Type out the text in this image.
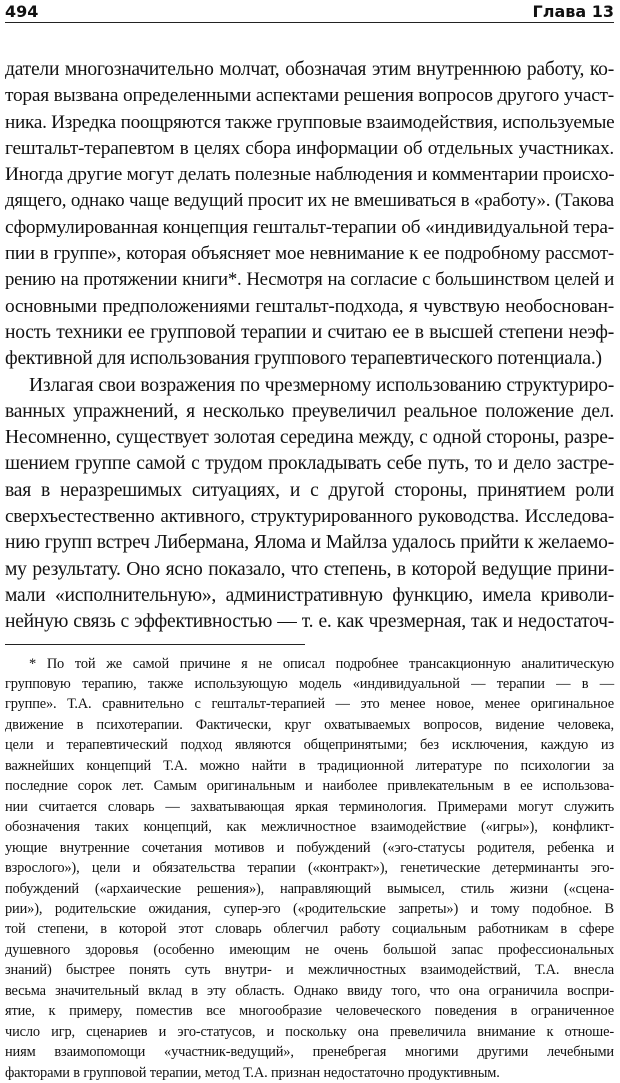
494	Глава 13

датели многозначительно молчат, обозначая этим внутреннюю работу, ко-
торая вызвана определенными аспектами решения вопросов другого участ-
ника. Изредка поощряются также групповые взаимодействия, используемые
гештальт-терапевтом в целях сбора информации об отдельных участниках.
Иногда другие могут делать полезные наблюдения и комментарии происхо-
дящего, однако чаще ведущий просит их не вмешиваться в «работу». (Такова
сформулированная концепция гештальт-терапии об «индивидуальной тера-
пии в группе», которая объясняет мое невнимание к ее подробному рассмот-
рению на протяжении книги*. Несмотря на согласие с большинством целей и
основными предположениями гештальт-подхода, я чувствую необоснован-
ность техники ее групповой терапии и считаю ее в высшей степени неэф-
фективной для использования группового терапевтического потенциала.)

Излагая свои возражения по чрезмерному использованию структуриро-
ванных упражнений, я несколько преувеличил реальное положение дел.
Несомненно, существует золотая середина между, с одной стороны, разре-
шением группе самой с трудом прокладывать себе путь, то и дело застре-
вая в неразрешимых ситуациях, и с другой стороны, принятием роли
сверхъестественно активного, структурированного руководства. Исследова-
нию групп встреч Либермана, Ялома и Майлза удалось прийти к желаемо-
му результату. Оно ясно показало, что степень, в которой ведущие прини-
мали «исполнительную», административную функцию, имела криволи-
нейную связь с эффективностью — т. е. как чрезмерная, так и недостаточ-

* По той же самой причине я не описал подробнее трансакционную аналитическую
групповую терапию, также использующую модель «индивидуальной — терапии — в —
группе». Т.А. сравнительно с гештальт-терапией — это менее новое, менее оригинальное
движение в психотерапии. Фактически, круг охватываемых вопросов, видение человека,
цели и терапевтический подход являются общепринятыми; без исключения, каждую из
важнейших концепций Т.А. можно найти в традиционной литературе по психологии за
последние сорок лет. Самым оригинальным и наиболее привлекательным в ее использова-
нии считается словарь — захватывающая яркая терминология. Примерами могут служить
обозначения таких концепций, как межличностное взаимодействие («игры»), конфликт-
ующие внутренние сочетания мотивов и побуждений («эго-статусы родителя, ребенка и
взрослого»), цели и обязательства терапии («контракт»), генетические детерминанты эго-
побуждений («архаические решения»), направляющий вымысел, стиль жизни («сцена-
рии»), родительские ожидания, супер-эго («родительские запреты») и тому подобное. В
той степени, в которой этот словарь облегчил работу социальным работникам в сфере
душевного здоровья (особенно имеющим не очень большой запас профессиональных
знаний) быстрее понять суть внутри- и межличностных взаимодействий, Т.А. внесла
весьма значительный вклад в эту область. Однако ввиду того, что она ограничила воспри-
ятие, к примеру, поместив все многообразие человеческого поведения в ограниченное
число игр, сценариев и эго-статусов, и поскольку она превеличила внимание к отноше-
ниям взаимопомощи «участник-ведущий», пренебрегая многими другими лечебными
факторами в групповой терапии, метод Т.А. признан недостаточно продуктивным.
